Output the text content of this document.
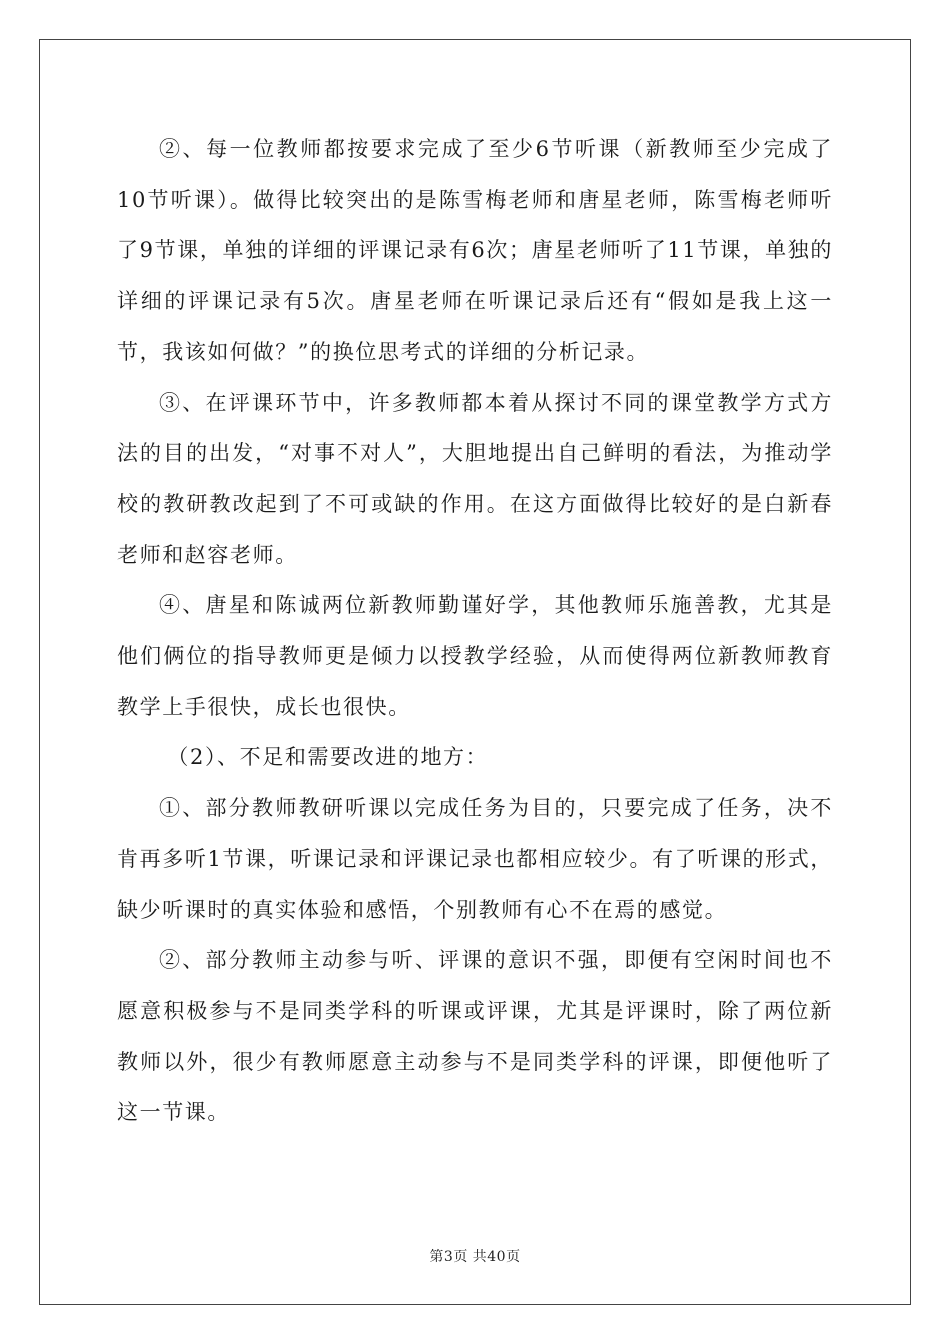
②、每一位教师都按要求完成了至少6节听课（新教师至少完成了10节听课）。做得比较突出的是陈雪梅老师和唐星老师，陈雪梅老师听了9节课，单独的详细的评课记录有6次；唐星老师听了11节课，单独的详细的评课记录有5次。唐星老师在听课记录后还有“假如是我上这一节，我该如何做？”的换位思考式的详细的分析记录。

③、在评课环节中，许多教师都本着从探讨不同的课堂教学方式方法的目的出发，“对事不对人”，大胆地提出自己鲜明的看法，为推动学校的教研教改起到了不可或缺的作用。在这方面做得比较好的是白新春老师和赵容老师。

④、唐星和陈诚两位新教师勤谨好学，其他教师乐施善教，尤其是他们俩位的指导教师更是倾力以授教学经验，从而使得两位新教师教育教学上手很快，成长也很快。

（2）、不足和需要改进的地方：

①、部分教师教研听课以完成任务为目的，只要完成了任务，决不肯再多听1节课，听课记录和评课记录也都相应较少。有了听课的形式，缺少听课时的真实体验和感悟，个别教师有心不在焉的感觉。

②、部分教师主动参与听、评课的意识不强，即便有空闲时间也不愿意积极参与不是同类学科的听课或评课，尤其是评课时，除了两位新教师以外，很少有教师愿意主动参与不是同类学科的评课，即便他听了这一节课。

第3页 共40页
